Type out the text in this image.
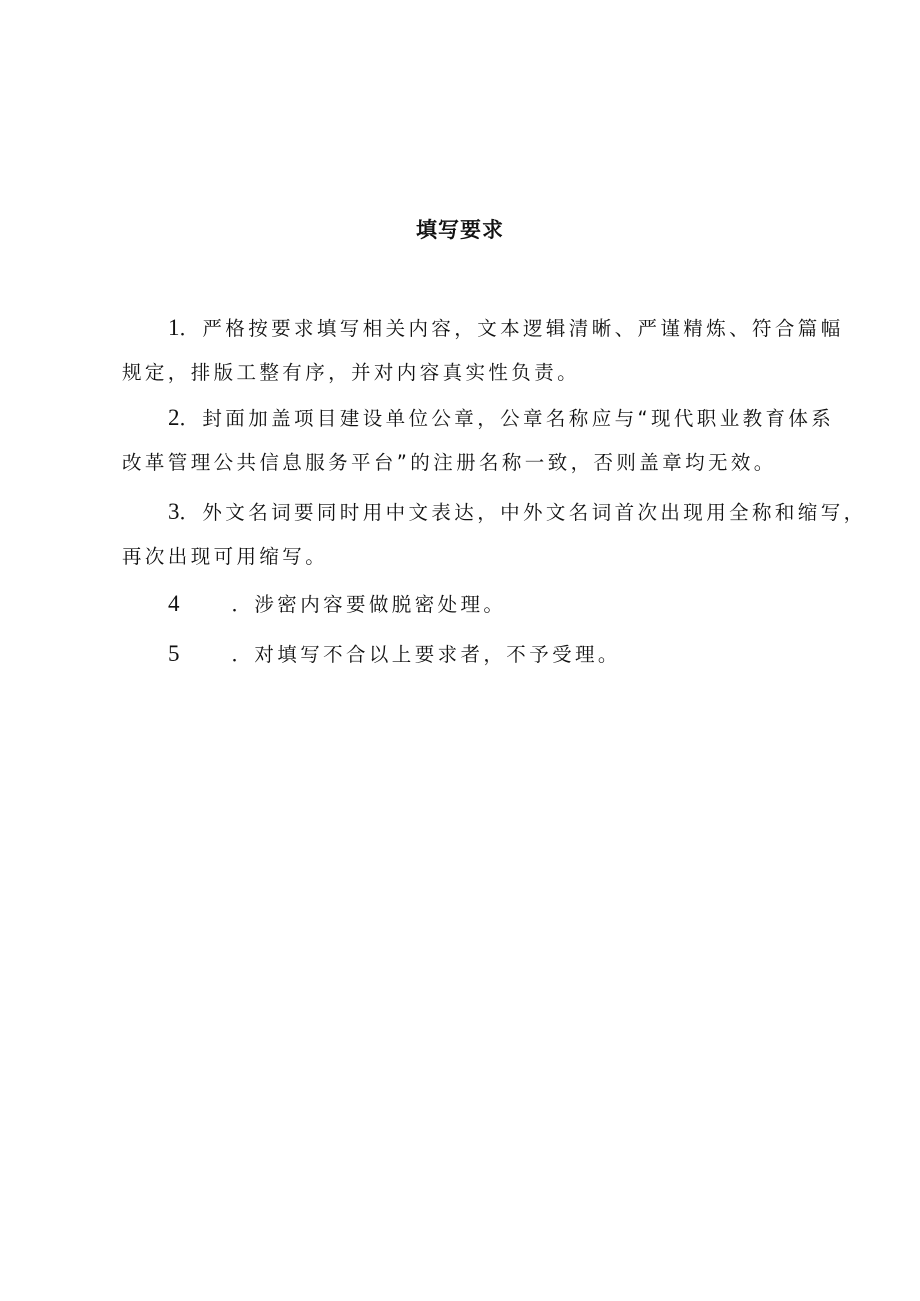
填写要求
1．严格按要求填写相关内容，文本逻辑清晰、严谨精炼、符合篇幅
规定，排版工整有序，并对内容真实性负责。
2．封面加盖项目建设单位公章，公章名称应与“现代职业教育体系
改革管理公共信息服务平台”的注册名称一致，否则盖章均无效。
3．外文名词要同时用中文表达，中外文名词首次出现用全称和缩写，
再次出现可用缩写。
4	．涉密内容要做脱密处理。
5	．对填写不合以上要求者，不予受理。
